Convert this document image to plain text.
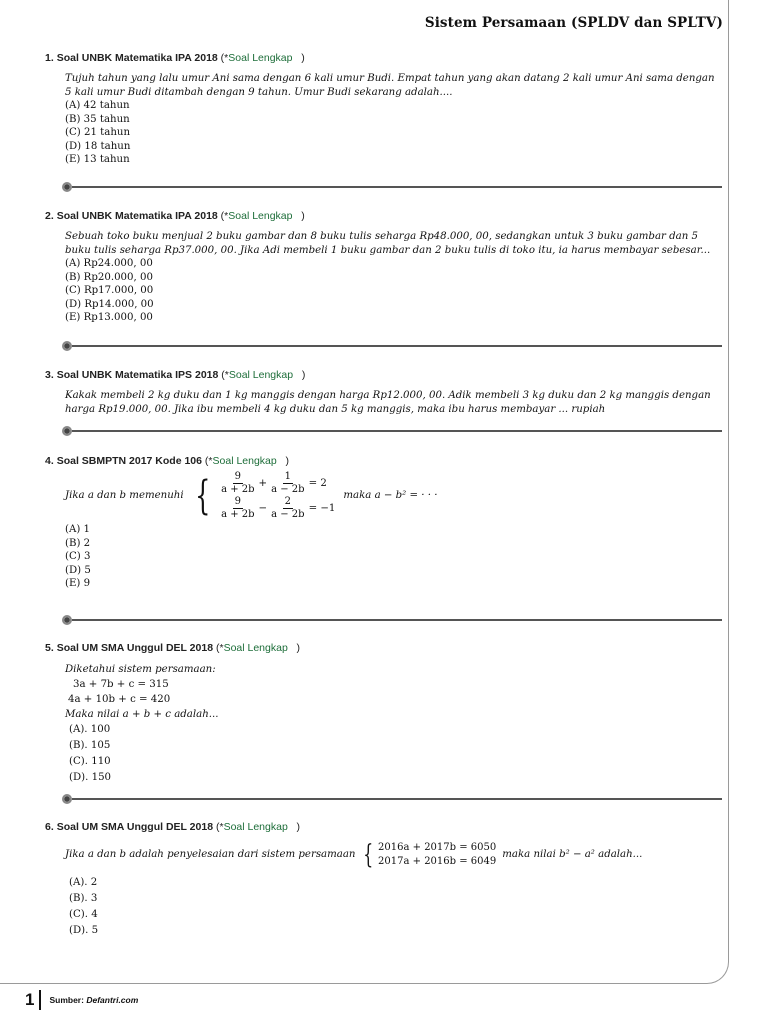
Sistem Persamaan (SPLDV dan SPLTV)
1. Soal UNBK Matematika IPA 2018 (*Soal Lengkap   )
Tujuh tahun yang lalu umur Ani sama dengan 6 kali umur Budi. Empat tahun yang akan datang 2 kali umur Ani sama dengan 5 kali umur Budi ditambah dengan 9 tahun. Umur Budi sekarang adalah....
(A) 42 tahun
(B) 35 tahun
(C) 21 tahun
(D) 18 tahun
(E) 13 tahun
2. Soal UNBK Matematika IPA 2018 (*Soal Lengkap   )
Sebuah toko buku menjual 2 buku gambar dan 8 buku tulis seharga Rp48.000, 00, sedangkan untuk 3 buku gambar dan 5 buku tulis seharga Rp37.000, 00. Jika Adi membeli 1 buku gambar dan 2 buku tulis di toko itu, ia harus membayar sebesar...
(A) Rp24.000, 00
(B) Rp20.000, 00
(C) Rp17.000, 00
(D) Rp14.000, 00
(E) Rp13.000, 00
3. Soal UNBK Matematika IPS 2018 (*Soal Lengkap   )
Kakak membeli 2 kg duku dan 1 kg manggis dengan harga Rp12.000, 00. Adik membeli 3 kg duku dan 2 kg manggis dengan harga Rp19.000, 00. Jika ibu membeli 4 kg duku dan 5 kg manggis, maka ibu harus membayar ... rupiah
4. Soal SBMPTN 2017 Kode 106 (*Soal Lengkap   )
Jika a dan b memenuhi { $\frac{9}{a + 2b} + \frac{1}{a - 2b} = 2$
$\frac{9}{a + 2b} - \frac{2}{a - 2b} = -1$
maka a − b² = · · ·
(A) 1
(B) 2
(C) 3
(D) 5
(E) 9
5. Soal UM SMA Unggul DEL 2018 (*Soal Lengkap   )
Diketahui sistem persamaan:
3a + 7b + c = 315
4a + 10b + c = 420
Maka nilai a + b + c adalah...
(A). 100
(B). 105
(C). 110
(D). 150
6. Soal UM SMA Unggul DEL 2018 (*Soal Lengkap   )
Jika a dan b adalah penyelesaian dari sistem persamaan { 2016a + 2017b = 6050
2017a + 2016b = 6049
maka nilai b² − a² adalah...
(A). 2
(B). 3
(C). 4
(D). 5
1 Sumber: Defantri.com
